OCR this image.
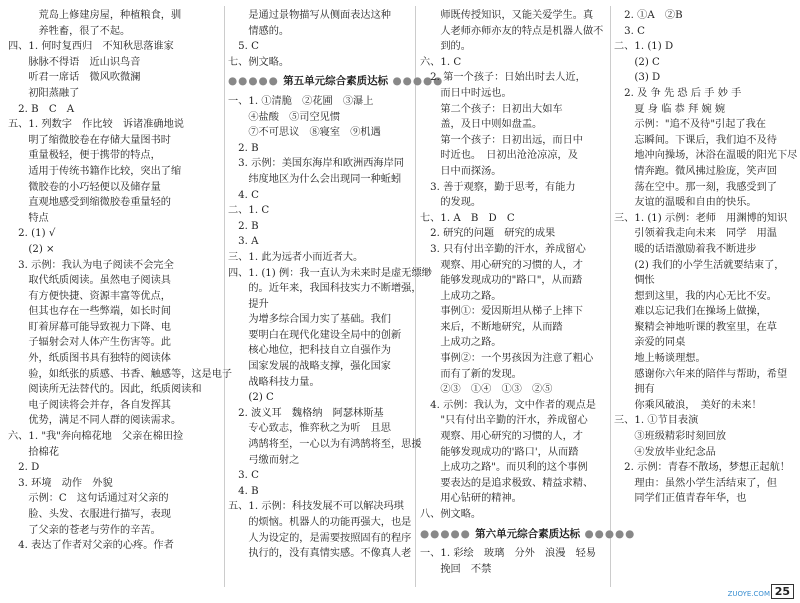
　　　荒岛上修建房屋，种植粮食，驯

　　　养牲畜，很了不起。

四、1. 何时复西归　不知秋思落谁家

　　脉脉不得语　近山识鸟音

　　听君一席话　微风吹微澜

　　初阳蒸融了

　2. B　C　A

五、1. 列数字　作比较　诉诸准确地说

　　明了缩微胶卷在存储大量图书时

　　重量极轻，便于携带的特点，

　　适用于传统书籍作比较，突出了缩

　　微胶卷的小巧轻便以及储存量

　　直观地感受到缩微胶卷重量轻的

　　特点

　2. (1) √

　　(2) ×

　3. 示例：我认为电子阅读不会完全

　　取代纸质阅读。虽然电子阅读具

　　有方便快捷、资源丰富等优点，

　　但其也存在一些弊端，如长时间

　　盯着屏幕可能导致视力下降、电

　　子辐射会对人体产生伤害等。此

　　外，纸质图书具有独特的阅读体

　　验，如纸张的质感、书香、触感等，这是电子

　　阅读所无法替代的。因此，纸质阅读和

　　电子阅读将会并存，各自发挥其

　　优势，满足不同人群的阅读需求。

六、1. "我"奔向棉花地　父亲在棉田捡

　　拾棉花

　2. D

　3. 环境　动作　外貌

　　示例：C　这句话通过对父亲的

　　脸、头发、衣服进行描写，表现

　　了父亲的苍老与劳作的辛苦。

　4. 表达了作者对父亲的心疼。作者

　　是通过景物描写从侧面表达这种

　　情感的。

　5. C

七、例文略。

●●●●● 第五单元综合素质达标 ●●●●●

一、1. ①清脆　②花圃　③瀑上

　　④盐酸　⑤司空见惯

　　⑦不可思议　⑧寝室　⑨机遇

　2. B

　3. 示例：美国东海岸和欧洲西海岸同

　　纬度地区为什么会出现同一种蚯蚓

　4. C

二、1. C

　2. B

　3. A

三、1. 此为远者小而近者大。

四、1. (1) 例：我一直认为未来时是虚无缥缈

　　的。近年来，我国科技实力不断增强，

　　提升

　　为增多综合国力实了基础。我们

　　要明白在现代化建设全局中的创新

　　核心地位，把科技自立自强作为

　　国家发展的战略支撑，强化国家

　　战略科技力量。

　　(2) C

　2. 波义耳　魏格纳　阿瑟林斯基

　　专心致志，惟弈秋之为听　且思

　　鸿鹄将至，一心以为有鸿鹄将至，思援

　　弓缴而射之

　3. C

　4. B

五、1. 示例：科技发展不可以解决玛琪

　　的烦恼。机器人的功能再强大，也是

　　人为设定的，是需要按照固有的程序

　　执行的，没有真情实感。不像真人老

　　师既传授知识，又能关爱学生。真

　　人老师亦师亦友的特点是机器人做不

　　到的。

六、1. C

　2. 第一个孩子：日始出时去人近，

　　而日中时远也。

　　第二个孩子：日初出大如车

　　盖，及日中则如盘盂。

　　第一个孩子：日初出远，而日中

　　时近也。　日初出沧沧凉凉，及

　　日中而探汤。

　3. 善于观察，勤于思考，有能力

　　的发现。

七、1. A　B　D　C

　2. 研究的问题　研究的成果

　3. 只有付出辛勤的汗水，养成留心

　　观察、用心研究的习惯的人，才

　　能够发现成功的"路口"，从而踏

　　上成功之路。

　　事例①：爱因斯坦从梯子上摔下

　　来后，不断地研究，从而踏

　　上成功之路。

　　事例②：一个男孩因为注意了粗心

　　而有了新的发现。

　　②③　①④　①③　②⑤

　4. 示例：我认为，文中作者的观点是

　　"只有付出辛勤的汗水，养成留心

　　观察、用心研究的习惯的人，才

　　能够发现成功的'路口'，从而踏

　　上成功之路"。而贝利的这个事例

　　要表达的是追求极致、精益求精、

　　用心钻研的精神。

八、例文略。

●●●●● 第六单元综合素质达标 ●●●●●

一、1. 彩绘　玻璃　分外　浪漫　轻易

　　挽回　不禁

　2. ①A　②B

　3. C

二、1. (1) D

　　(2) C

　　(3) D

　2. 及 争 先 恐 后 手 妙 手

　　夏 身 临 恭 拜 婉 婉

　　示例："追不及待"引起了我在

　　忘瞬间。下课后，我们迫不及待

　　地冲向操场，沐浴在温暖的阳光下尽

　　情奔跑。微风拂过脸庞，笑声回

　　荡在空中。那一刻，我感受到了

　　友谊的温暖和自由的快乐。

三、1. (1) 示例：老师　用渊博的知识

　　引领着我走向未来　同学　用温

　　暖的话语激励着我不断进步

　　(2) 我们的小学生活就要结束了，

　　惆怅

　　想到这里，我的内心无比不安。

　　难以忘记我们在操场上做操，

　　聚精会神地听课的教室里，在草

　　亲爱的同桌

　　地上畅谈理想。

　　感谢你六年来的陪伴与帮助，希望

　　拥有

　　你乘风破浪，　美好的未来！

三、1. ①节目表演

　　③班级精彩时刻回放

　　④发放毕业纪念品

　2. 示例：青春不散场，梦想正起航！

　　理由：虽然小学生活结束了，但

　　同学们正值青春年华，也

ZUOYE.COM 25
